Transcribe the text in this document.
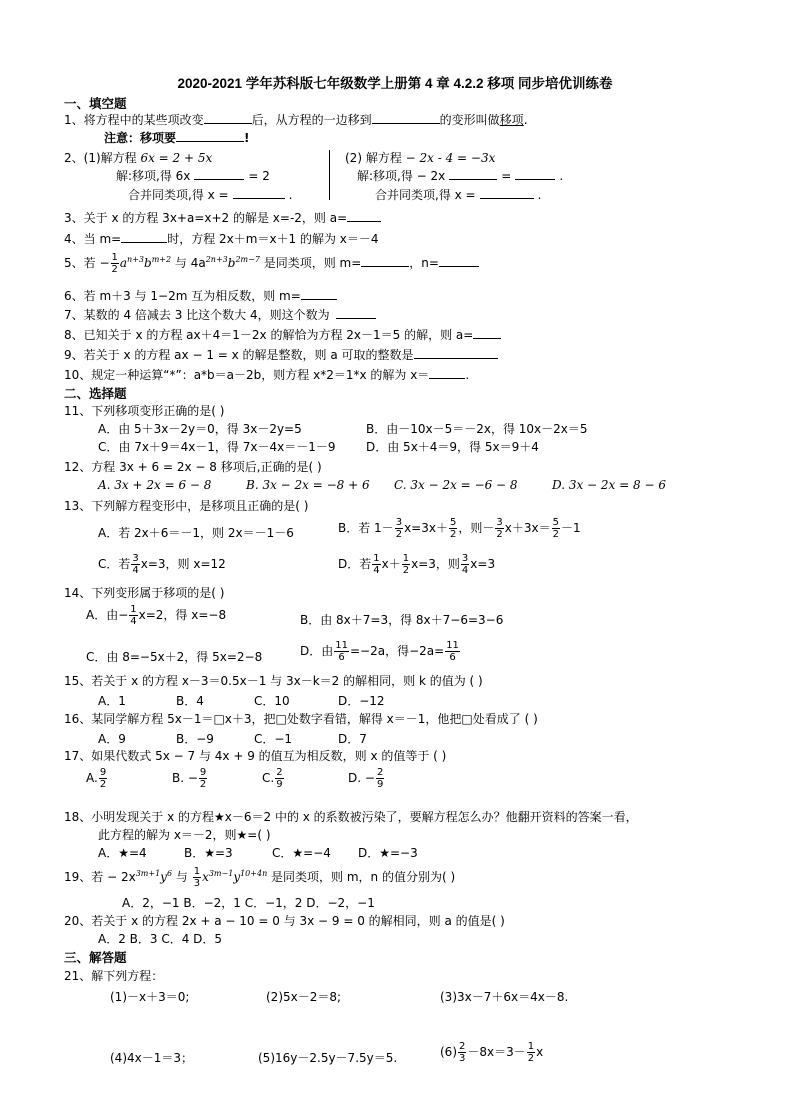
2020-2021 学年苏科版七年级数学上册第 4 章 4.2.2 移项 同步培优训练卷
一、填空题
1、将方程中的某些项改变	后，从方程的一边移到	的变形叫做移项.
注意：移项要	!
2、(1)解方程 6x = 2 + 5x
解:移项,得 6x	= 2
合并同类项,得 x =	.
(2) 解方程 − 2x - 4 = −3x
解:移项,得 − 2x	=	.
合并同类项,得 x =	.
3、关于 x 的方程 3x+a=x+2 的解是 x=-2，则 a=
4、当 m=	时，方程 2x＋m＝x＋1 的解为 x＝－4
5、若 − $\frac{1}{2} a^{n+3}b^{m+2}$ 与 $4a^{2n+3}b^{2m-7}$ 是同类项，则 m=	，n=
6、若 m＋3 与 1−2m 互为相反数，则 m=
7、某数的 4 倍减去 3 比这个数大 4，则这个数为
8、已知关于 x 的方程 ax＋4＝1－2x 的解恰为方程 2x－1＝5 的解，则 a=
9、若关于 x 的方程 ax − 1 = x 的解是整数，则 a 可取的整数是
10、规定一种运算“*”：a*b＝a－2b，则方程 x*2＝1*x 的解为 x＝	.
二、选择题
11、下列移项变形正确的是( )
A．由 5＋3x－2y＝0，得 3x－2y=5	B．由－10x－5＝－2x，得 10x－2x＝5
C．由 7x＋9＝4x－1，得 7x－4x＝－1－9	D．由 5x＋4＝9，得 5x＝9＋4
12、方程 3x + 6 = 2x − 8 移项后,正确的是( )
A. 3x + 2x = 6 − 8	B. 3x − 2x = −8 + 6 C. 3x − 2x = −6 − 8	D. 3x − 2x = 8 − 6
13、下列解方程变形中，是移项且正确的是( )
A．若 2x＋6＝－1，则 2x＝－1－6	B．若 $1- \frac{3}{2} x=3x+ \frac{5}{2}$ ，则－ $\frac{3}{2} x+3x= \frac{5}{2} -1$
C．若 $\frac{3}{4} x=3$，则 x=12	D．若 $\frac{1}{4} x+ \frac{1}{2} x=3$，则 $\frac{3}{4} x=3$
14、下列变形属于移项的是( )
A．由− $\frac{1}{4} x=2$，得 x=−8	B．由 8x＋7=3，得 8x＋7−6=3−6
C．由 8=−5x＋2，得 5x=2−8	D．由 $\frac{11}{6} =-2a$，得$-2a= \frac{11}{6}$
15、若关于 x 的方程 x－3＝0.5x－1 与 3x－k＝2 的解相同，则 k 的值为 ( )
A．1	B．4	C．10	D．−12
16、某同学解方程 5x－1＝□x＋3，把□处数字看错，解得 x＝－1，他把□处看成了 ( )
A．9	B．−9	C．−1	D．7
17、如果代数式 5x − 7 与 4x + 9 的值互为相反数，则 x 的值等于 ( )
A. $\frac{9}{2}$	B. − $\frac{9}{2}$	C. $\frac{2}{9}$	D. − $\frac{2}{9}$
18、小明发现关于 x 的方程★x－6＝2 中的 x 的系数被污染了，要解方程怎么办？他翻开资料的答案一看，
此方程的解为 x＝－2，则★=( )
A．★=4	B．★=3	C．★=−4 D．★=−3
19、若 − $2x^{3m+1}y^6$ 与 $\frac{1}{3} x^{3m-1}y^{10+4n}$ 是同类项，则 m，n 的值分别为( )
A．2，−1 B．−2，1 C．−1，2 D．−2，−1
20、若关于 x 的方程 2x + a − 10 = 0 与 3x − 9 = 0 的解相同，则 a 的值是( )
A．2 B．3 C．4 D．5
三、解答题
21、解下列方程：
(1)－x＋3＝0;	(2)5x－2＝8;	(3)3x－7＋6x＝4x－8.
(4)4x－1＝3；	(5)16y－2.5y－7.5y＝5.	$(6) \frac{2}{3} -8x=3- \frac{1}{2}$ x
